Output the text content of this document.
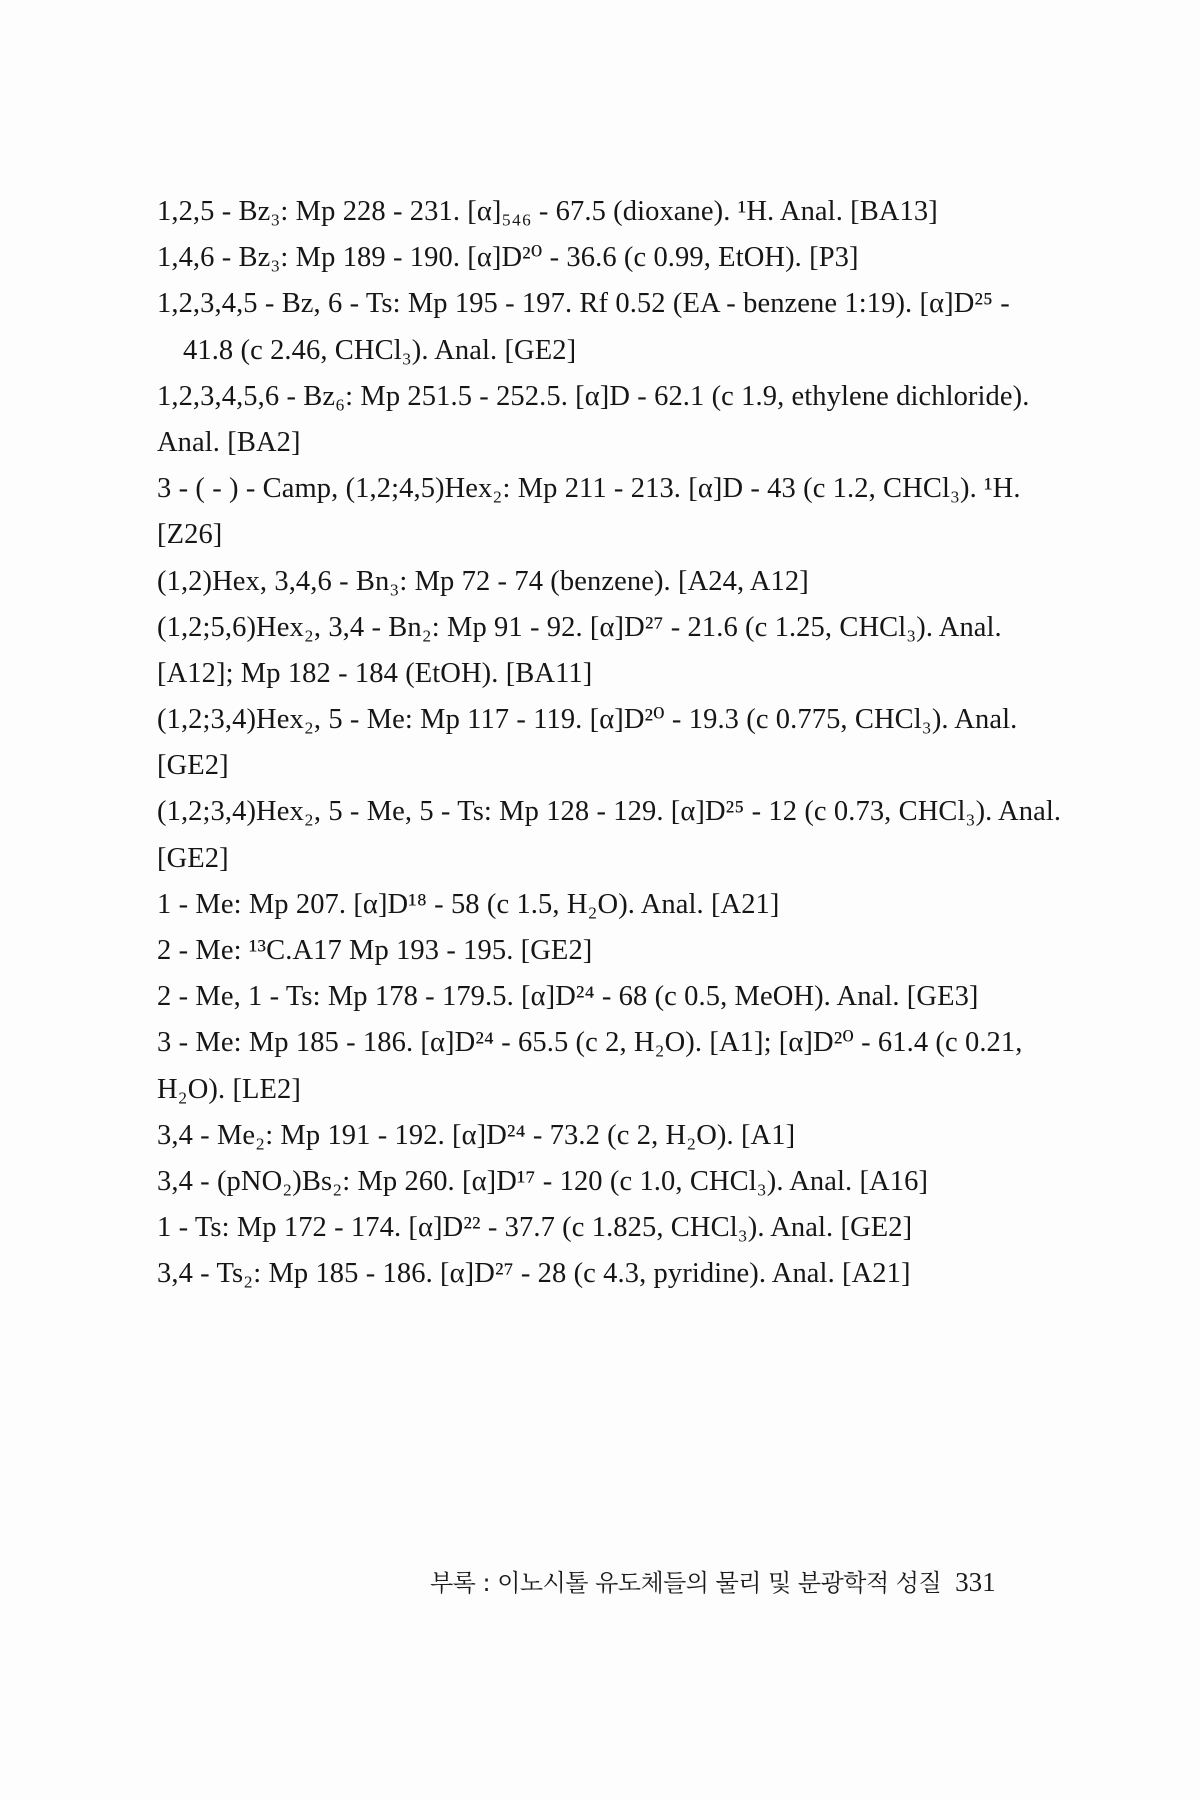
1,2,5 - Bz₃: Mp 228 - 231. [α]₅₄₆ - 67.5 (dioxane). ¹H. Anal. [BA13]
1,4,6 - Bz₃: Mp 189 - 190. [α]D²⁰ - 36.6 (c 0.99, EtOH). [P3]
1,2,3,4,5 - Bz, 6 - Ts: Mp 195 - 197. Rf 0.52 (EA - benzene 1:19). [α]D²⁵ -
41.8 (c 2.46, CHCl₃). Anal. [GE2]
1,2,3,4,5,6 - Bz₆: Mp 251.5 - 252.5. [α]D - 62.1 (c 1.9, ethylene dichloride).
Anal. [BA2]
3 - ( - ) - Camp, (1,2;4,5)Hex₂: Mp 211 - 213. [α]D - 43 (c 1.2, CHCl₃). ¹H.
[Z26]
(1,2)Hex, 3,4,6 - Bn₃: Mp 72 - 74 (benzene). [A24, A12]
(1,2;5,6)Hex₂, 3,4 - Bn₂: Mp 91 - 92. [α]D²⁷ - 21.6 (c 1.25, CHCl₃). Anal.
[A12]; Mp 182 - 184 (EtOH). [BA11]
(1,2;3,4)Hex₂, 5 - Me: Mp 117 - 119. [α]D²⁰ - 19.3 (c 0.775, CHCl₃). Anal.
[GE2]
(1,2;3,4)Hex₂, 5 - Me, 5 - Ts: Mp 128 - 129. [α]D²⁵ - 12 (c 0.73, CHCl₃). Anal.
[GE2]
1 - Me: Mp 207. [α]D¹⁸ - 58 (c 1.5, H₂O). Anal. [A21]
2 - Me: ¹³C.A17 Mp 193 - 195. [GE2]
2 - Me, 1 - Ts: Mp 178 - 179.5. [α]D²⁴ - 68 (c 0.5, MeOH). Anal. [GE3]
3 - Me: Mp 185 - 186. [α]D²⁴ - 65.5 (c 2, H₂O). [A1]; [α]D²⁰ - 61.4 (c 0.21,
H₂O). [LE2]
3,4 - Me₂: Mp 191 - 192. [α]D²⁴ - 73.2 (c 2, H₂O). [A1]
3,4 - (pNO₂)Bs₂: Mp 260. [α]D¹⁷ - 120 (c 1.0, CHCl₃). Anal. [A16]
1 - Ts: Mp 172 - 174. [α]D²² - 37.7 (c 1.825, CHCl₃). Anal. [GE2]
3,4 - Ts₂: Mp 185 - 186. [α]D²⁷ - 28 (c 4.3, pyridine). Anal. [A21]
부록 : 이노시톨 유도체들의 물리 및 분광학적 성질 331
